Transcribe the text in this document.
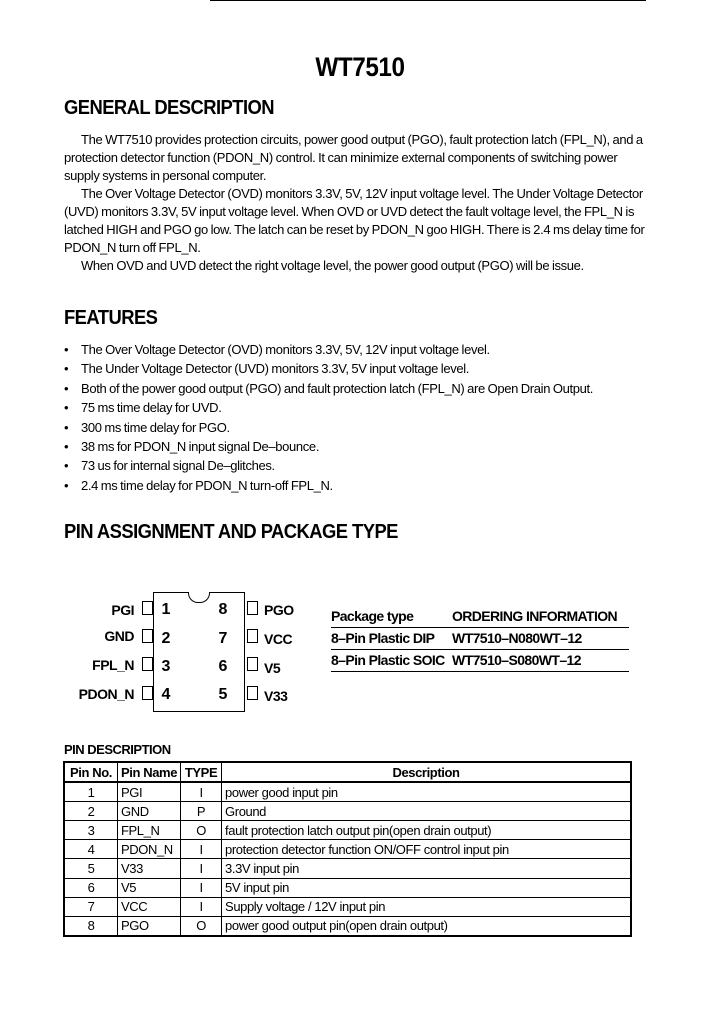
WT7510
GENERAL DESCRIPTION

The WT7510 provides protection circuits, power good output (PGO), fault protection latch (FPL_N), and a protection detector function (PDON_N) control. It can minimize external components of switching power supply systems in personal computer.

The Over Voltage Detector (OVD) monitors 3.3V, 5V, 12V input voltage level. The Under Voltage Detector (UVD) monitors 3.3V, 5V input voltage level. When OVD or UVD detect the fault voltage level, the FPL_N is latched HIGH and PGO go low. The latch can be reset by PDON_N goo HIGH. There is 2.4 ms delay time for PDON_N turn off FPL_N.

When OVD and UVD detect the right voltage level, the power good output (PGO) will be issue.

FEATURES
• The Over Voltage Detector (OVD) monitors 3.3V, 5V, 12V input voltage level.
• The Under Voltage Detector (UVD) monitors 3.3V, 5V input voltage level.
• Both of the power good output (PGO) and fault protection latch (FPL_N) are Open Drain Output.
• 75 ms time delay for UVD.
• 300 ms time delay for PGO.
• 38 ms for PDON_N input signal De–bounce.
• 73 us for internal signal De–glitches.
• 2.4 ms time delay for PDON_N turn-off FPL_N.
PIN ASSIGNMENT AND PACKAGE TYPE
PGI
GND
FPL_N
PDON_N
1
2
3
4
8
7
6
5
PGO
VCC
V5
V33
Package type	ORDERING INFORMATION
8–Pin Plastic DIP WT7510–N080WT–12
8–Pin Plastic SOIC WT7510–S080WT–12
PIN DESCRIPTION
Pin No.	Pin Name	TYPE	Description
1	PGI	I	power good input pin
2	GND	P	Ground
3	FPL_N	O	fault protection latch output pin(open drain output)
4	PDON_N	I	protection detector function ON/OFF control input pin
5	V33	I	3.3V input pin
6	V5	I	5V input pin
7	VCC	I	Supply voltage / 12V input pin
8	PGO	O	power good output pin(open drain output)
